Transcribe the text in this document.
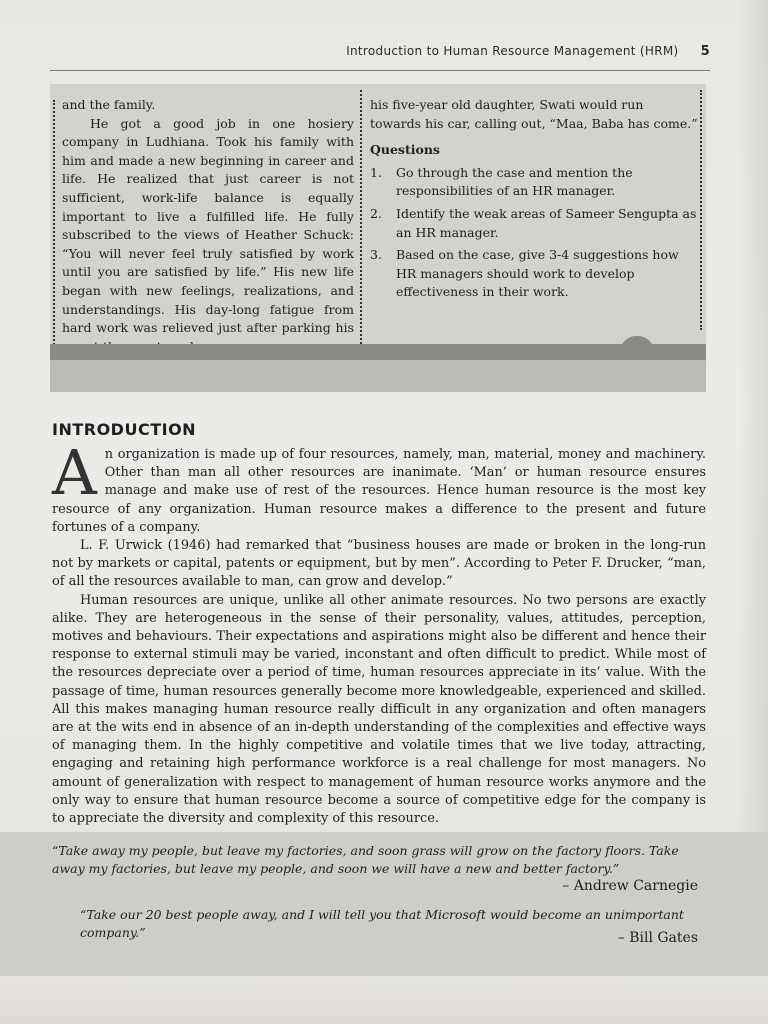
Introduction to Human Resource Management (HRM) 5

and the family.

He got a good job in one hosiery company in Ludhiana. Took his family with him and made a new beginning in career and life. He realized that just career is not sufficient, work-life balance is equally important to live a fulfilled life. He fully subscribed to the views of Heather Schuck: “You will never feel truly satisfied by work until you are satisfied by life.” His new life began with new feelings, realizations, and understandings. His day-long fatigue from hard work was relieved just after parking his

his five-year old daughter, Swati would run towards his car, calling out, “Maa, Baba has come.”

Questions
1.	Go through the case and mention the responsibilities of an HR manager.
2.	Identify the weak areas of Sameer Sengupta as an HR manager.
3.	Based on the case, give 3-4 suggestions how HR managers should work to develop effectiveness in their work.
INTRODUCTION

An organization is made up of four resources, namely, man, material, money and machinery. Other than man all other resources are inanimate. ‘Man’ or human resource ensures manage and make use of rest of the resources. Hence human resource is the most key resource of any organization. Human resource makes a difference to the present and future fortunes of a company.

L. F. Urwick (1946) had remarked that “business houses are made or broken in the long-run not by markets or capital, patents or equipment, but by men”. According to Peter F. Drucker, “man, of all the resources available to man, can grow and develop.”

Human resources are unique, unlike all other animate resources. No two persons are exactly alike. They are heterogeneous in the sense of their personality, values, attitudes, perception, motives and behaviours. Their expectations and aspirations might also be different and hence their response to external stimuli may be varied, inconstant and often difficult to predict. While most of the resources depreciate over a period of time, human resources appreciate in its’ value. With the passage of time, human resources generally become more knowledgeable, experienced and skilled. All this makes managing human resource really difficult in any organization and often managers are at the wits end in absence of an in-depth understanding of the complexities and effective ways of managing them. In the highly competitive and volatile times that we live today, attracting, engaging and retaining high performance workforce is a real challenge for most managers. No amount of generalization with respect to management of human resource works anymore and the only way to ensure that human resource become a source of competitive edge for the company is to appreciate the diversity and complexity of this resource.

“Take away my people, but leave my factories, and soon grass will grow on the factory floors. Take away my factories, but leave my people, and soon we will have a new and better factory.”
– Andrew Carnegie
“Take our 20 best people away, and I will tell you that Microsoft would become an unimportant company.”	– Bill Gates
